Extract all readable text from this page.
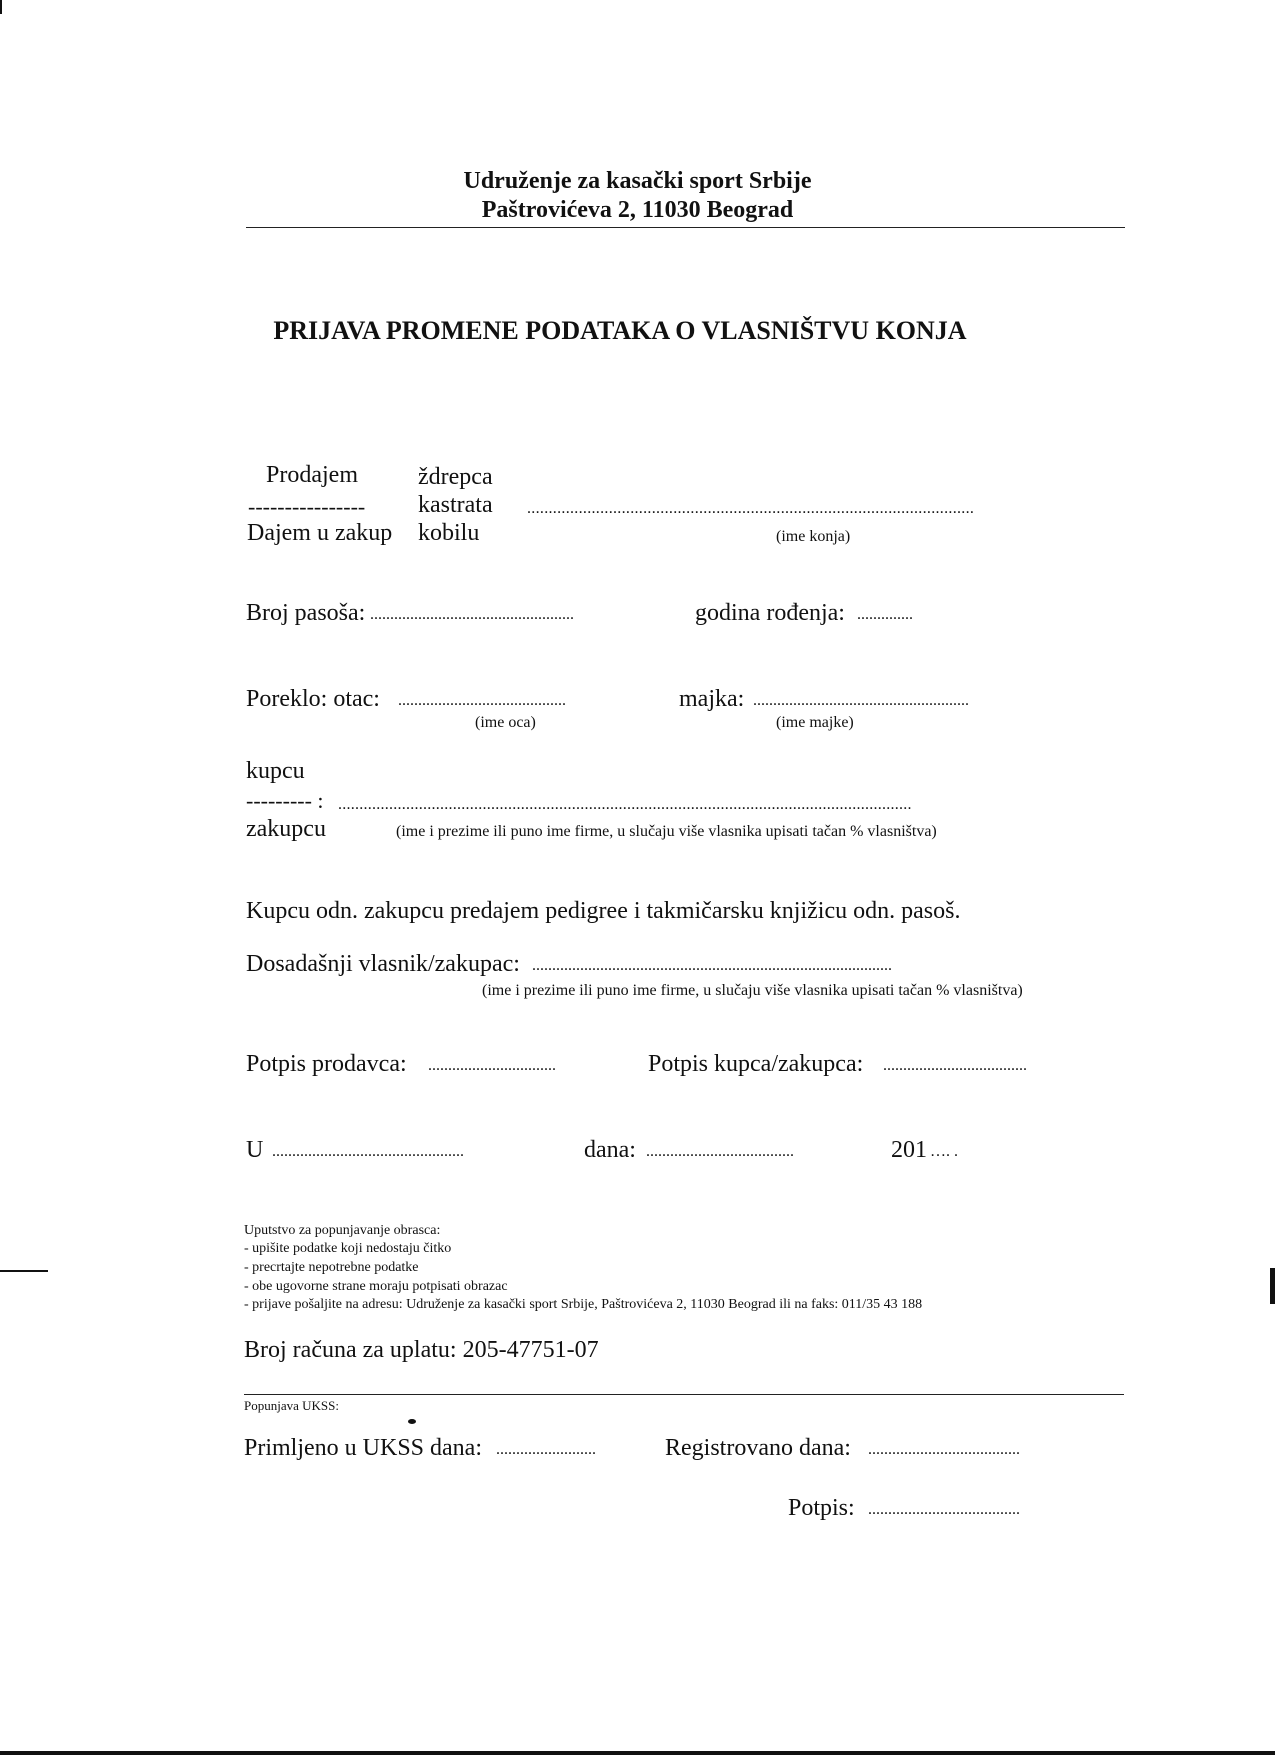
Udruženje za kasački sport Srbije
Paštrovićeva 2, 11030 Beograd
PRIJAVA PROMENE PODATAKA O VLASNIŠTVU KONJA
Prodajem
----------------
Dajem u zakup
ždrepca
kastrata
kobilu
........................................................................................................
(ime konja)
Broj pasoša: ...................................................	godina rođenja: ..............
Poreklo: otac: ..........................................	majka: ......................................................
(ime oca)	(ime majke)
kupcu
--------- : .......................................................................................................................................
zakupcu	(ime i prezime ili puno ime firme, u slučaju više vlasnika upisati tačan % vlasništva)
Kupcu odn. zakupcu predajem pedigree i takmičarsku knjižicu odn. pasoš.
Dosadašnji vlasnik/zakupac: ..........................................................................................
(ime i prezime ili puno ime firme, u slučaju više vlasnika upisati tačan % vlasništva)
Potpis prodavca: ................................	Potpis kupca/zakupca: ....................................
U ................................................	dana: .....................................	201 …. .
Uputstvo za popunjavanje obrasca:
- upišite podatke koji nedostaju čitko
- precrtajte nepotrebne podatke
- obe ugovorne strane moraju potpisati obrazac
- prijave pošaljite na adresu: Udruženje za kasački sport Srbije, Paštrovićeva 2, 11030 Beograd ili na faks: 011/35 43 188
Broj računa za uplatu: 205-47751-07
Popunjava UKSS:
Primljeno u UKSS dana: .........................	Registrovano dana: ......................................
Potpis: ......................................
